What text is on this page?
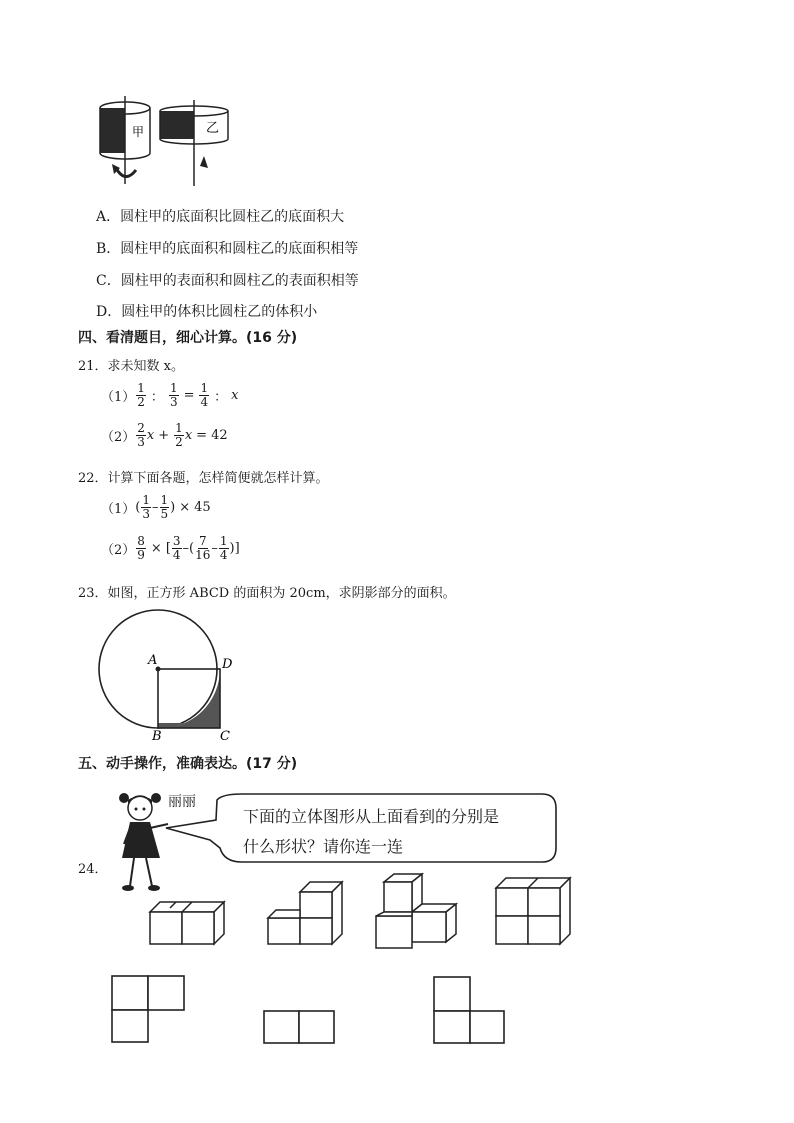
甲	乙
A．圆柱甲的底面积比圆柱乙的底面积大
B．圆柱甲的底面积和圆柱乙的底面积相等
C．圆柱甲的表面积和圆柱乙的表面积相等
D．圆柱甲的体积比圆柱乙的体积小
四、看清题目，细心计算。(16 分)
21．求未知数 x。
$(1) \frac{1}{2}$ ： $\frac{1}{3} = \frac{1}{4}$ ： x
$(2) \frac{2}{3}$ $x + \frac{1}{2}$ x = 42
22．计算下面各题，怎样简便就怎样计算。
（1） ( $\frac{1}{3} - \frac{1}{5}$ ) × 45
$(2) \frac{8}{9}$ × [ $\frac{3}{4}$ –( $\frac{7}{16} - \frac{1}{4}$ )]
23．如图，正方形 ABCD 的面积为 20cm，求阴影部分的面积。
A	D
B	C
五、动手操作，准确表达。(17 分)
24．
丽丽
下面的立体图形从上面看到的分别是
什么形状？请你连一连
